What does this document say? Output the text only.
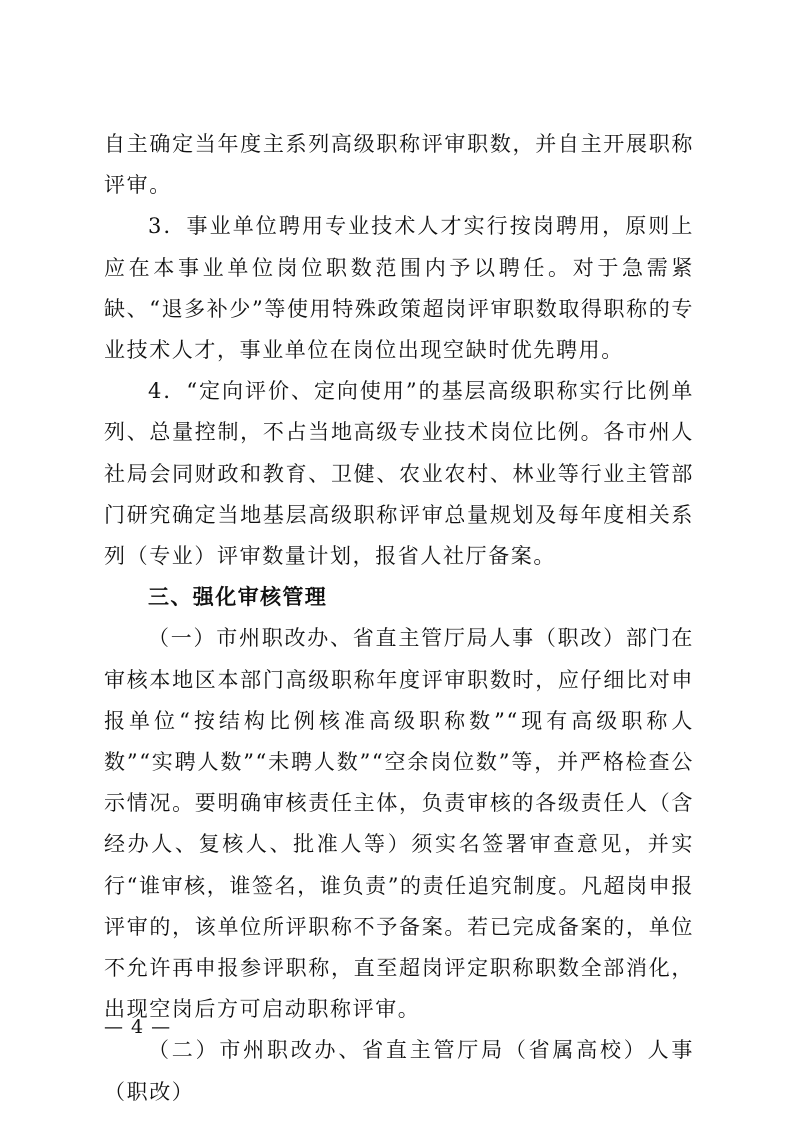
自主确定当年度主系列高级职称评审职数，并自主开展职称评审。

3．事业单位聘用专业技术人才实行按岗聘用，原则上应在本事业单位岗位职数范围内予以聘任。对于急需紧缺、“退多补少”等使用特殊政策超岗评审职数取得职称的专业技术人才，事业单位在岗位出现空缺时优先聘用。

4．“定向评价、定向使用”的基层高级职称实行比例单列、总量控制，不占当地高级专业技术岗位比例。各市州人社局会同财政和教育、卫健、农业农村、林业等行业主管部门研究确定当地基层高级职称评审总量规划及每年度相关系列（专业）评审数量计划，报省人社厅备案。

三、强化审核管理

（一）市州职改办、省直主管厅局人事（职改）部门在审核本地区本部门高级职称年度评审职数时，应仔细比对申报单位“按结构比例核准高级职称数”“现有高级职称人数”“实聘人数”“未聘人数”“空余岗位数”等，并严格检查公示情况。要明确审核责任主体，负责审核的各级责任人（含经办人、复核人、批准人等）须实名签署审查意见，并实行“谁审核，谁签名，谁负责”的责任追究制度。凡超岗申报评审的，该单位所评职称不予备案。若已完成备案的，单位不允许再申报参评职称，直至超岗评定职称职数全部消化，出现空岗后方可启动职称评审。

（二）市州职改办、省直主管厅局（省属高校）人事（职改）

— 4 —
